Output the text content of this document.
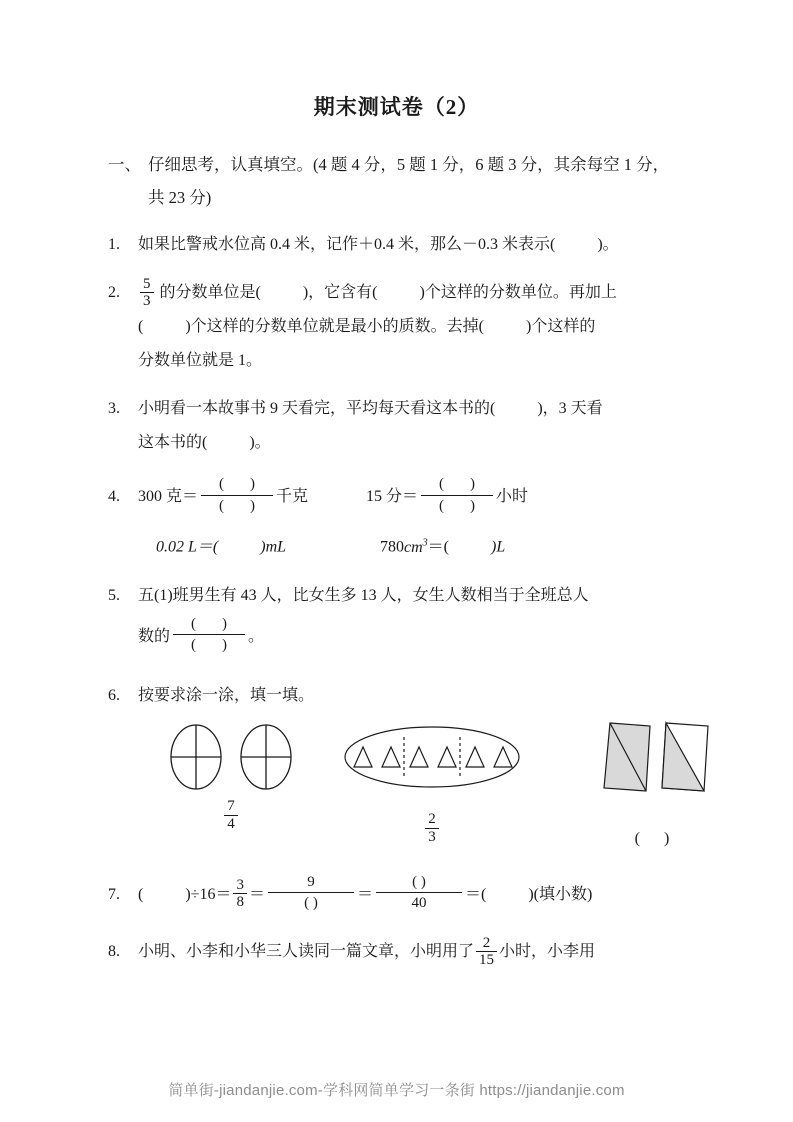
期末测试卷（2）
一、 仔细思考，认真填空。(4 题 4 分，5 题 1 分，6 题 3 分，其余每空 1 分，共 23 分)
1. 如果比警戒水位高 0.4 米，记作＋0.4 米，那么－0.3 米表示(	)。
2. $\frac{5}{3}$ 的分数单位是(	)，它含有(	)个这样的分数单位。再加上
(	)个这样的分数单位就是最小的质数。去掉(	)个这样的
分数单位就是 1。
3. 小明看一本故事书 9 天看完，平均每天看这本书的(	)，3 天看
这本书的(	)。
4. 300 克＝ $\frac{( )}{( )}$ 千克	15 分＝ $\frac{( )}{( )}$ 小时
0.02 L＝(	)mL	$780cm^3=$(	)L
5. 五(1)班男生有 43 人，比女生多 13 人，女生人数相当于全班总人
数的 $\frac{( )}{( )}$ 。
6. 按要求涂一涂，填一填。
$\frac{7}{4}$	$\frac{2}{3}$	( )
7. (	)$\div 16= \frac{3}{8} = \frac{9}{( )} = \frac{( )}{40}$ ＝(	)(填小数)
8. 小明、小李和小华三人读同一篇文章，小明用了 $\frac{2}{15}$ 小时，小李用
简单街-jiandanjie.com-学科网简单学习一条街 https://jiandanjie.com
